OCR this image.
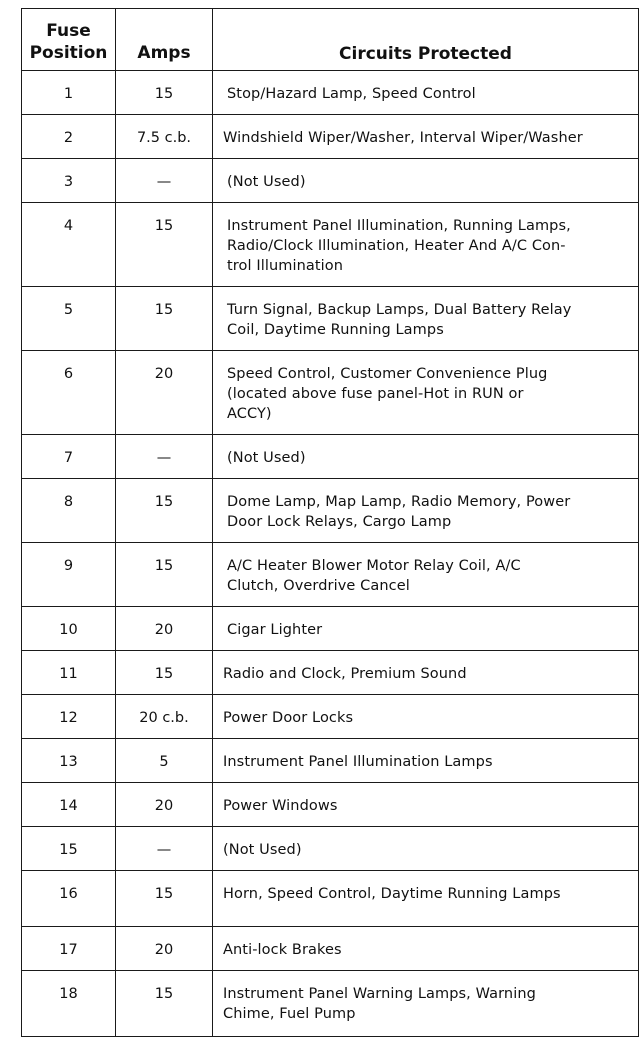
Fuse
Position	Amps	Circuits Protected
1	15	Stop/Hazard Lamp, Speed Control

2	7.5 c.b.	Windshield Wiper/Washer, Interval Wiper/Washer

3	—	(Not Used)

4	15	Instrument Panel Illumination, Running Lamps,
Radio/Clock Illumination, Heater And A/C Con-
trol Illumination

5	15	Turn Signal, Backup Lamps, Dual Battery Relay
Coil, Daytime Running Lamps

6	20	Speed Control, Customer Convenience Plug
(located above fuse panel-Hot in RUN or
ACCY)

7	—	(Not Used)

8	15	Dome Lamp, Map Lamp, Radio Memory, Power
Door Lock Relays, Cargo Lamp

9	15	A/C Heater Blower Motor Relay Coil, A/C
Clutch, Overdrive Cancel

10	20	Cigar Lighter

11	15	Radio and Clock, Premium Sound

12	20 c.b.	Power Door Locks

13	5	Instrument Panel Illumination Lamps

14	20	Power Windows

15	—	(Not Used)

16	15	Horn, Speed Control, Daytime Running Lamps

17	20	Anti-lock Brakes

18	15	Instrument Panel Warning Lamps, Warning
Chime, Fuel Pump
